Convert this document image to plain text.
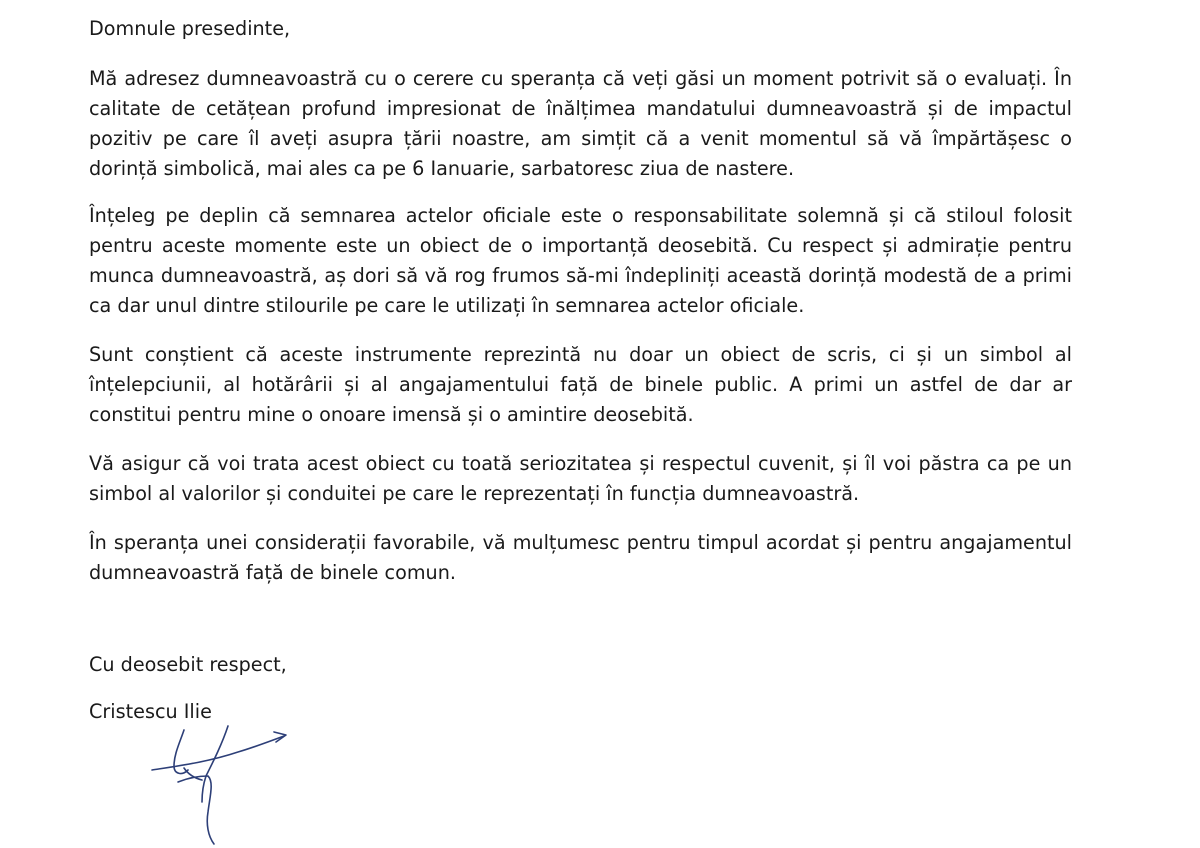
Domnule presedinte,

Mă adresez dumneavoastră cu o cerere cu speranța că veți găsi un moment potrivit să o evaluați. În calitate de cetățean profund impresionat de înălțimea mandatului dumneavoastră și de impactul pozitiv pe care îl aveți asupra țării noastre, am simțit că a venit momentul să vă împărtășesc o dorință simbolică, mai ales ca pe 6 Ianuarie, sarbatoresc ziua de nastere.

Înțeleg pe deplin că semnarea actelor oficiale este o responsabilitate solemnă și că stiloul folosit pentru aceste momente este un obiect de o importanță deosebită. Cu respect și admirație pentru munca dumneavoastră, aș dori să vă rog frumos să-mi îndepliniți această dorință modestă de a primi ca dar unul dintre stilourile pe care le utilizați în semnarea actelor oficiale.

Sunt conștient că aceste instrumente reprezintă nu doar un obiect de scris, ci și un simbol al înțelepciunii, al hotărârii și al angajamentului față de binele public. A primi un astfel de dar ar constitui pentru mine o onoare imensă și o amintire deosebită.

Vă asigur că voi trata acest obiect cu toată seriozitatea și respectul cuvenit, și îl voi păstra ca pe un simbol al valorilor și conduitei pe care le reprezentați în funcția dumneavoastră.

În speranța unei considerații favorabile, vă mulțumesc pentru timpul acordat și pentru angajamentul dumneavoastră față de binele comun.

Cu deosebit respect,

Cristescu Ilie
